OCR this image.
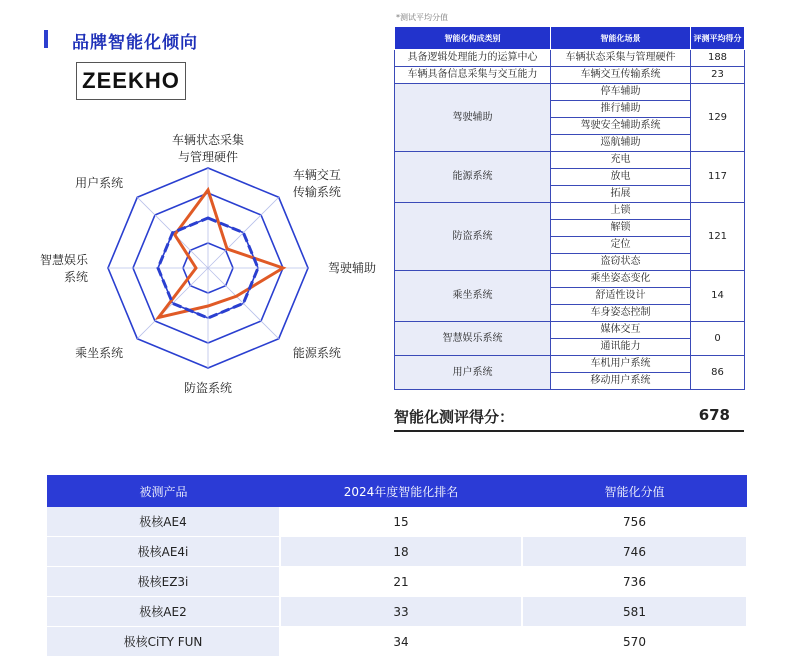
品牌智能化倾向
ZEEKHO
车辆状态采集与管理硬件
车辆交互传输系统
驾驶辅助
能源系统
防盗系统
乘坐系统
智慧娱乐系统
用户系统
*测试平均分值
智能化构成类别	智能化场景	评测平均得分
具备逻辑处理能力的运算中心	车辆状态采集与管理硬件	188
车辆具备信息采集与交互能力	车辆交互传输系统	23
驾驶辅助	停车辅助	129
	推行辅助	
	驾驶安全辅助系统	
	巡航辅助	
能源系统	充电	117
	放电	
	拓展	
防盗系统	上锁	121
	解锁	
	定位	
	盗窃状态	
乘坐系统	乘坐姿态变化	14
	舒适性设计	
	车身姿态控制	
智慧娱乐系统	媒体交互	0
	通讯能力	
用户系统	车机用户系统	86
	移动用户系统	
智能化测评得分：	678
被测产品	2024年度智能化排名	智能化分值
极核AE4	15	756
极核AE4i	18	746
极核EZ3i	21	736
极核AE2	33	581
极核CiTY FUN	34	570
